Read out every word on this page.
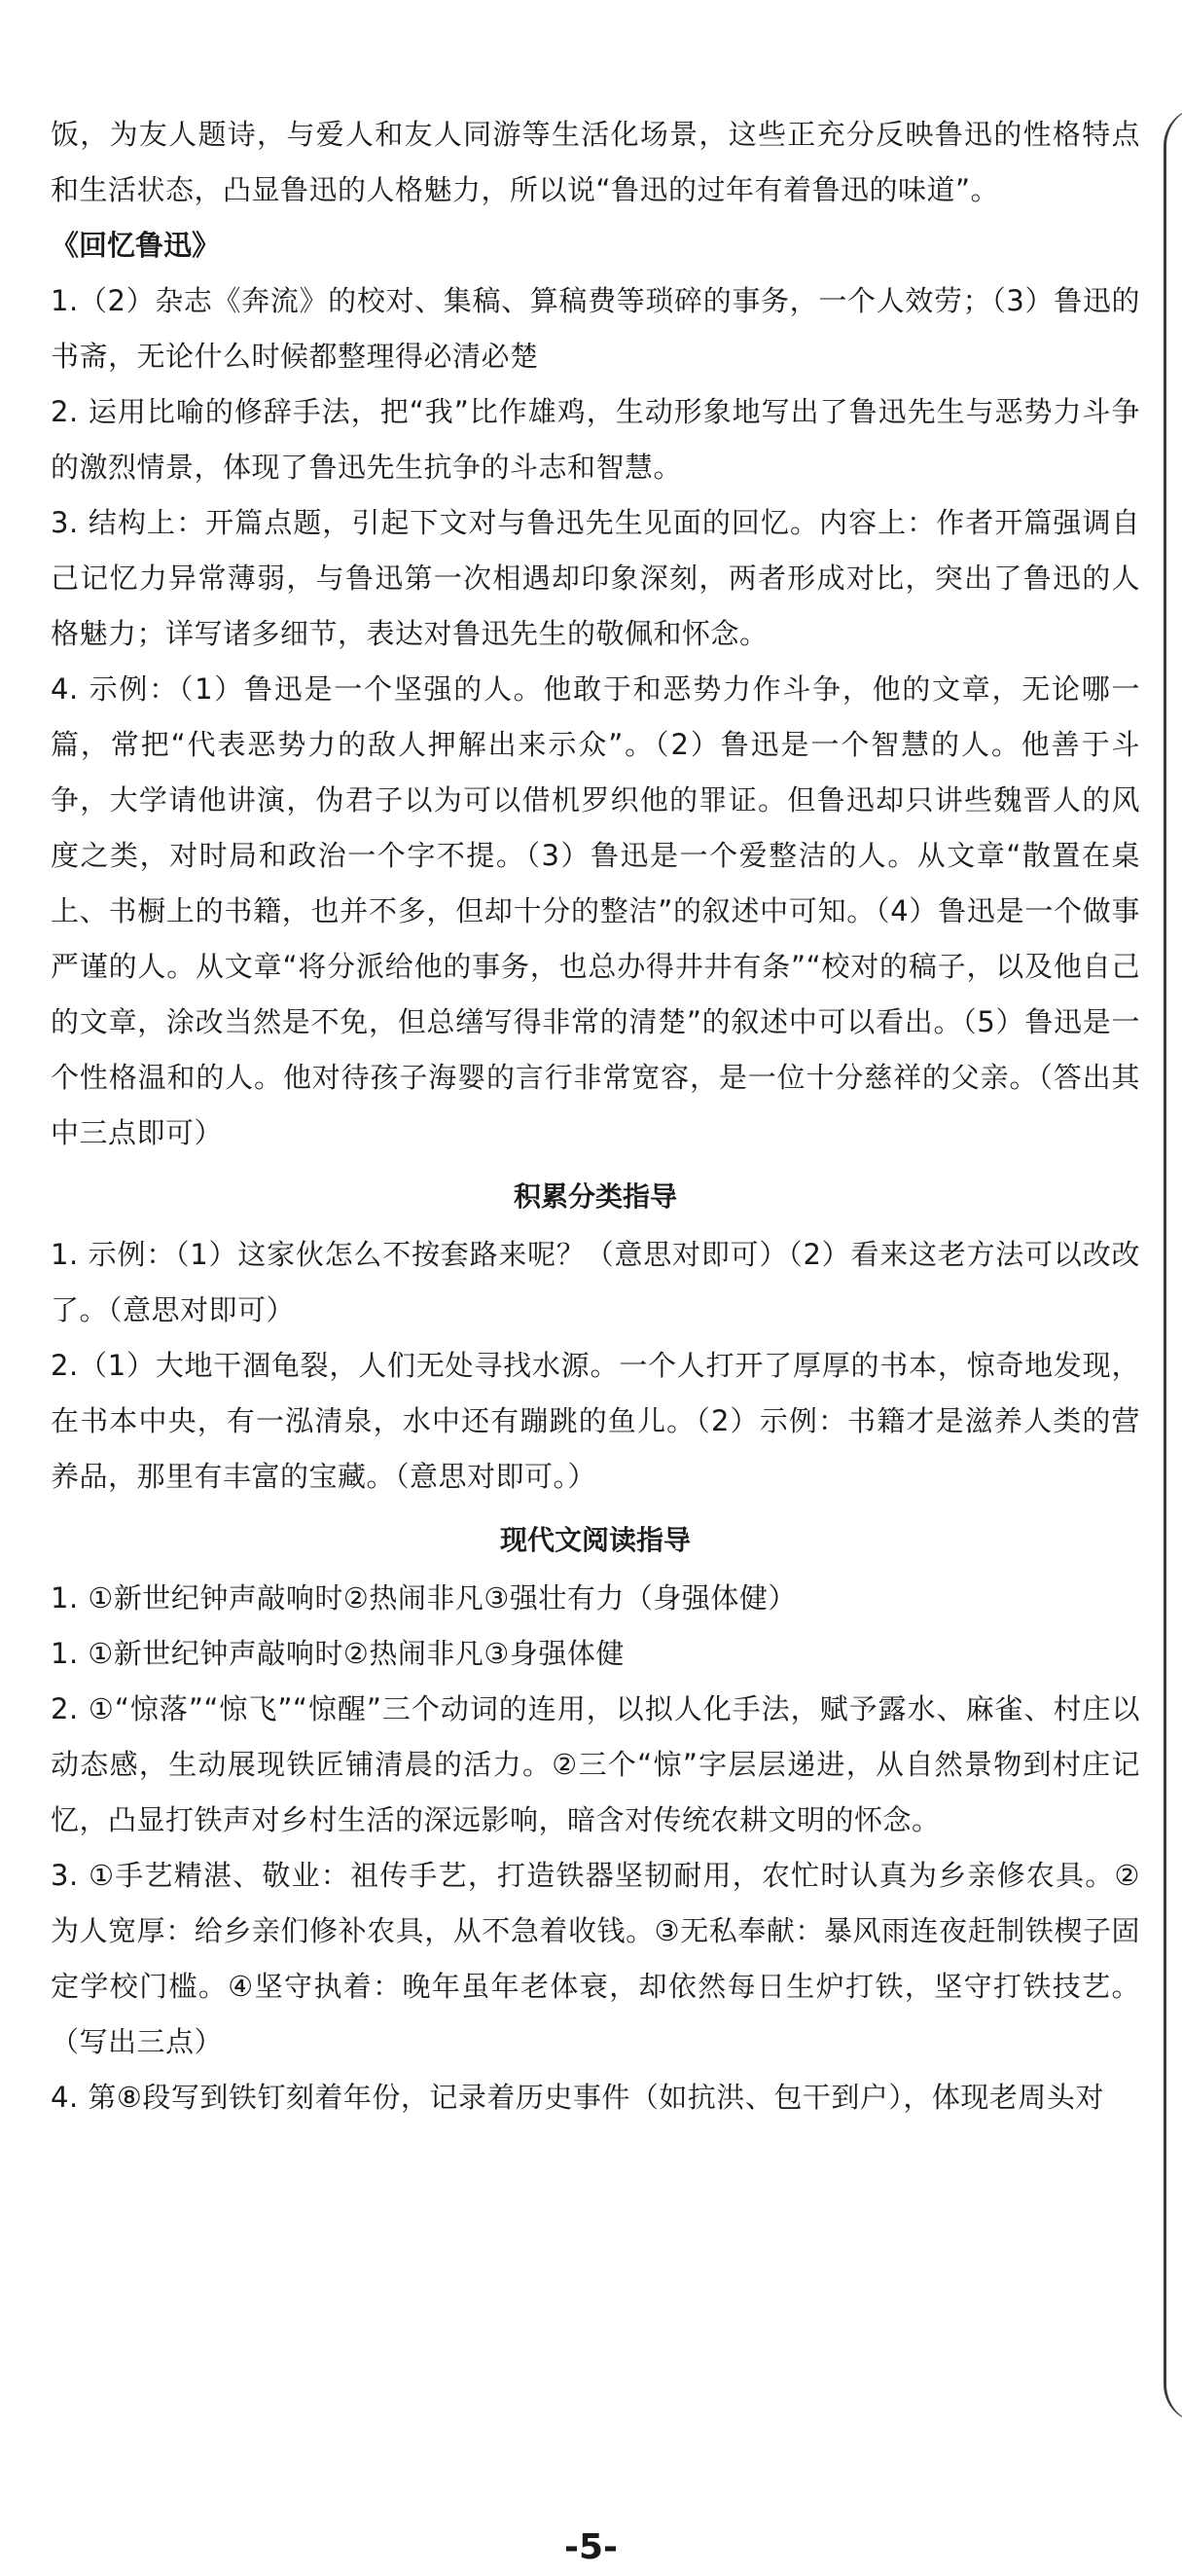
饭，为友人题诗，与爱人和友人同游等生活化场景，这些正充分反映鲁迅的性格特点和生活状态，凸显鲁迅的人格魅力，所以说“鲁迅的过年有着鲁迅的味道”。

《回忆鲁迅》

1.（2）杂志《奔流》的校对、集稿、算稿费等琐碎的事务，一个人效劳；（3）鲁迅的书斋，无论什么时候都整理得必清必楚

2. 运用比喻的修辞手法，把“我”比作雄鸡，生动形象地写出了鲁迅先生与恶势力斗争的激烈情景，体现了鲁迅先生抗争的斗志和智慧。

3. 结构上：开篇点题，引起下文对与鲁迅先生见面的回忆。内容上：作者开篇强调自己记忆力异常薄弱，与鲁迅第一次相遇却印象深刻，两者形成对比，突出了鲁迅的人格魅力；详写诸多细节，表达对鲁迅先生的敬佩和怀念。

4. 示例：（1）鲁迅是一个坚强的人。他敢于和恶势力作斗争，他的文章，无论哪一篇，常把“代表恶势力的敌人押解出来示众”。（2）鲁迅是一个智慧的人。他善于斗争，大学请他讲演，伪君子以为可以借机罗织他的罪证。但鲁迅却只讲些魏晋人的风度之类，对时局和政治一个字不提。（3）鲁迅是一个爱整洁的人。从文章“散置在桌上、书橱上的书籍，也并不多，但却十分的整洁”的叙述中可知。（4）鲁迅是一个做事严谨的人。从文章“将分派给他的事务，也总办得井井有条”“校对的稿子，以及他自己的文章，涂改当然是不免，但总缮写得非常的清楚”的叙述中可以看出。（5）鲁迅是一个性格温和的人。他对待孩子海婴的言行非常宽容，是一位十分慈祥的父亲。（答出其中三点即可）

积累分类指导

1. 示例：（1）这家伙怎么不按套路来呢？（意思对即可）（2）看来这老方法可以改改了。（意思对即可）

2.（1）大地干涸龟裂，人们无处寻找水源。一个人打开了厚厚的书本，惊奇地发现，在书本中央，有一泓清泉，水中还有蹦跳的鱼儿。（2）示例：书籍才是滋养人类的营养品，那里有丰富的宝藏。（意思对即可。）

现代文阅读指导

1. ①新世纪钟声敲响时②热闹非凡③强壮有力（身强体健）

1. ①新世纪钟声敲响时②热闹非凡③身强体健

2. ①“惊落”“惊飞”“惊醒”三个动词的连用，以拟人化手法，赋予露水、麻雀、村庄以动态感，生动展现铁匠铺清晨的活力。②三个“惊”字层层递进，从自然景物到村庄记忆，凸显打铁声对乡村生活的深远影响，暗含对传统农耕文明的怀念。

3. ①手艺精湛、敬业：祖传手艺，打造铁器坚韧耐用，农忙时认真为乡亲修农具。②为人宽厚：给乡亲们修补农具，从不急着收钱。③无私奉献：暴风雨连夜赶制铁楔子固定学校门槛。④坚守执着：晚年虽年老体衰，却依然每日生炉打铁，坚守打铁技艺。（写出三点）

4. 第⑧段写到铁钉刻着年份，记录着历史事件（如抗洪、包干到户），体现老周头对

-5-
